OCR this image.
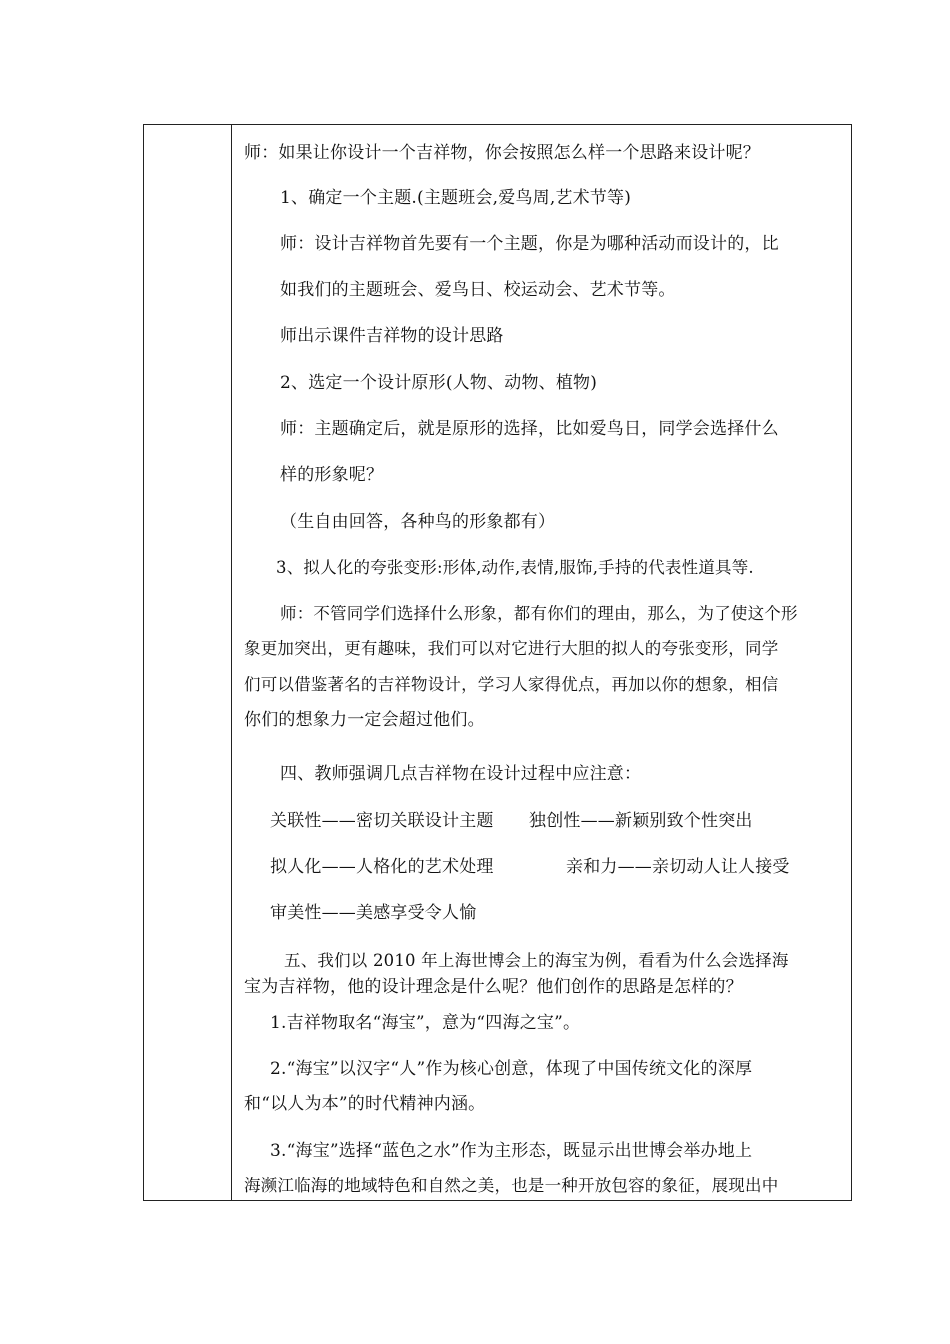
师：如果让你设计一个吉祥物，你会按照怎么样一个思路来设计呢？
1、确定一个主题.(主题班会,爱鸟周,艺术节等)
师：设计吉祥物首先要有一个主题，你是为哪种活动而设计的，比
如我们的主题班会、爱鸟日、校运动会、艺术节等。
师出示课件吉祥物的设计思路
2、选定一个设计原形(人物、动物、植物)
师：主题确定后，就是原形的选择，比如爱鸟日，同学会选择什么
样的形象呢？
（生自由回答，各种鸟的形象都有）
3、拟人化的夸张变形:形体,动作,表情,服饰,手持的代表性道具等.
师：不管同学们选择什么形象，都有你们的理由，那么，为了使这个形
象更加突出，更有趣味，我们可以对它进行大胆的拟人的夸张变形，同学
们可以借鉴著名的吉祥物设计，学习人家得优点，再加以你的想象，相信
你们的想象力一定会超过他们。
四、教师强调几点吉祥物在设计过程中应注意：
关联性——密切关联设计主题 独创性——新颖别致个性突出
拟人化——人格化的艺术处理	亲和力——亲切动人让人接受
审美性——美感享受令人愉
五、我们以 2010 年上海世博会上的海宝为例，看看为什么会选择海
宝为吉祥物，他的设计理念是什么呢？他们创作的思路是怎样的？
1.吉祥物取名“海宝”，意为“四海之宝”。
2.“海宝”以汉字“人”作为核心创意，体现了中国传统文化的深厚
和“以人为本”的时代精神内涵。
3.“海宝”选择“蓝色之水”作为主形态，既显示出世博会举办地上
海濒江临海的地域特色和自然之美，也是一种开放包容的象征，展现出中
